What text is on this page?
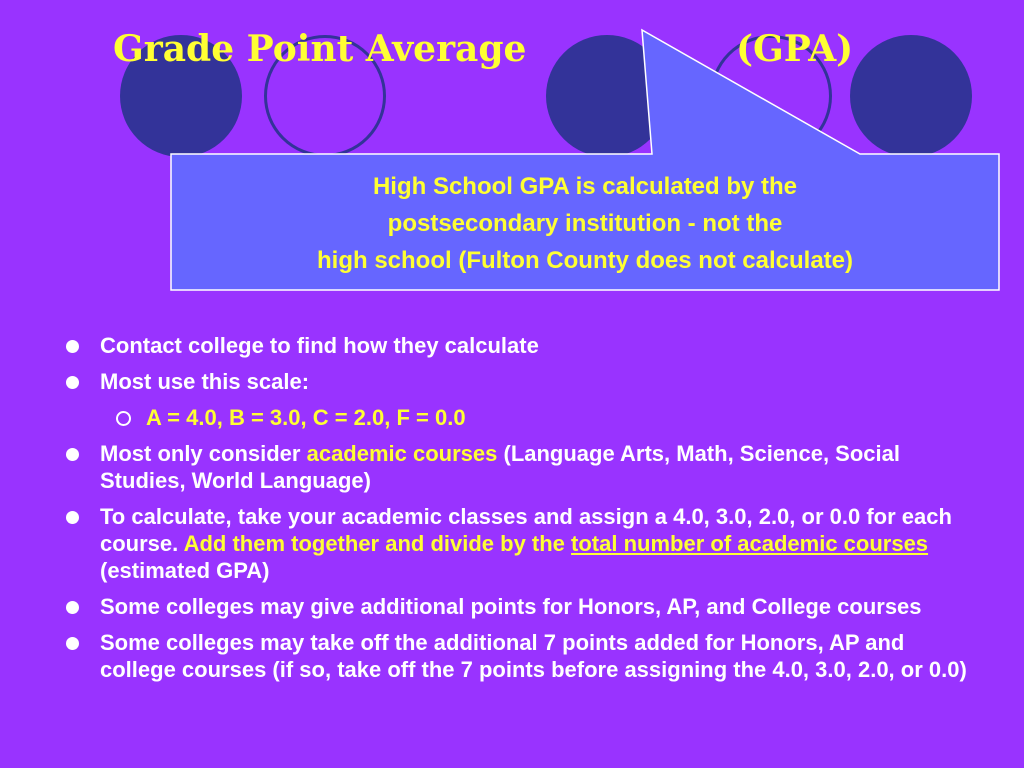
Grade Point Average	(GPA)
High School GPA is calculated by the
postsecondary institution - not the
high school (Fulton County does not calculate)
Contact college to find how they calculate
Most use this scale:
A = 4.0, B = 3.0, C = 2.0, F = 0.0
Most only consider academic courses (Language Arts, Math, Science, Social Studies, World Language)
To calculate, take your academic classes and assign a 4.0, 3.0, 2.0, or 0.0 for each course. Add them together and divide by the total number of academic courses (estimated GPA)
Some colleges may give additional points for Honors, AP, and College courses
Some colleges may take off the additional 7 points added for Honors, AP and college courses (if so, take off the 7 points before assigning the 4.0, 3.0, 2.0, or 0.0)
